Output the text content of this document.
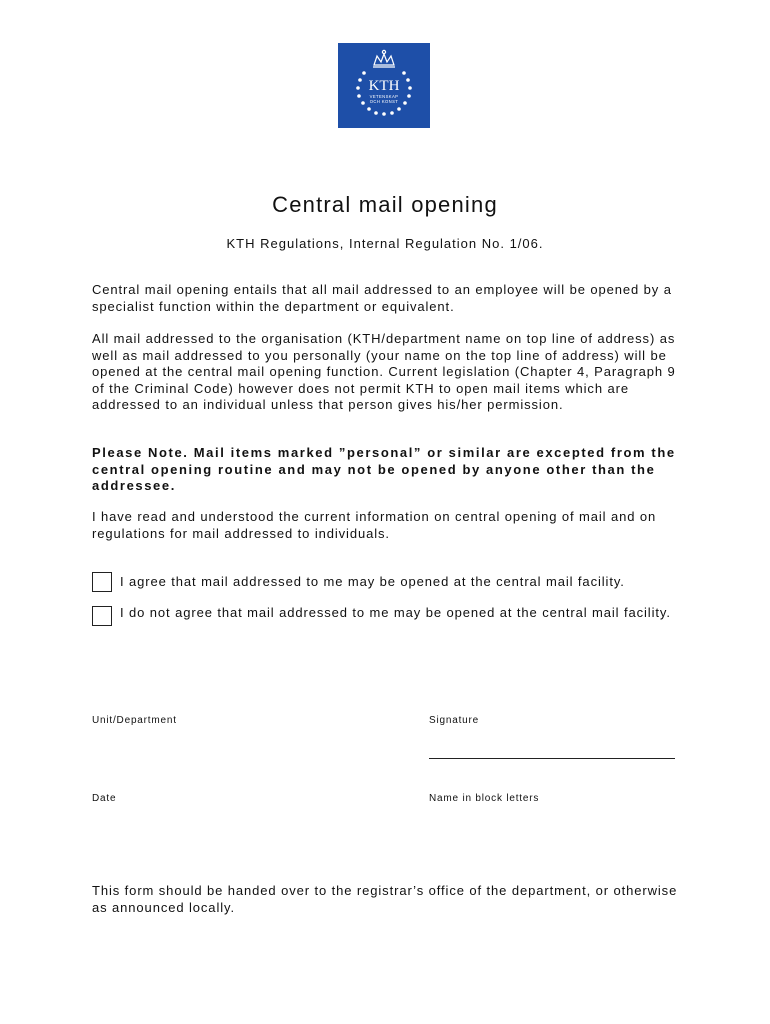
KTH
VETENSKAP
OCH KONST
Central mail opening
KTH Regulations, Internal Regulation No. 1/06.
Central mail opening entails that all mail addressed to an employee will be opened by a specialist function within the department or equivalent.
All mail addressed to the organisation (KTH/department name on top line of address) as well as mail addressed to you personally (your name on the top line of address) will be opened at the central mail opening function. Current legislation (Chapter 4, Paragraph 9 of the Criminal Code) however does not permit KTH to open mail items which are addressed to an individual unless that person gives his/her permission.
Please Note. Mail items marked ”personal” or similar are excepted from the central opening routine and may not be opened by anyone other than the addressee.
I have read and understood the current information on central opening of mail and on regulations for mail addressed to individuals.
I agree that mail addressed to me may be opened at the central mail facility.
I do not agree that mail addressed to me may be opened at the central mail facility.
Unit/Department	Signature
Date	Name in block letters
This form should be handed over to the registrar’s office of the department, or otherwise as announced locally.
